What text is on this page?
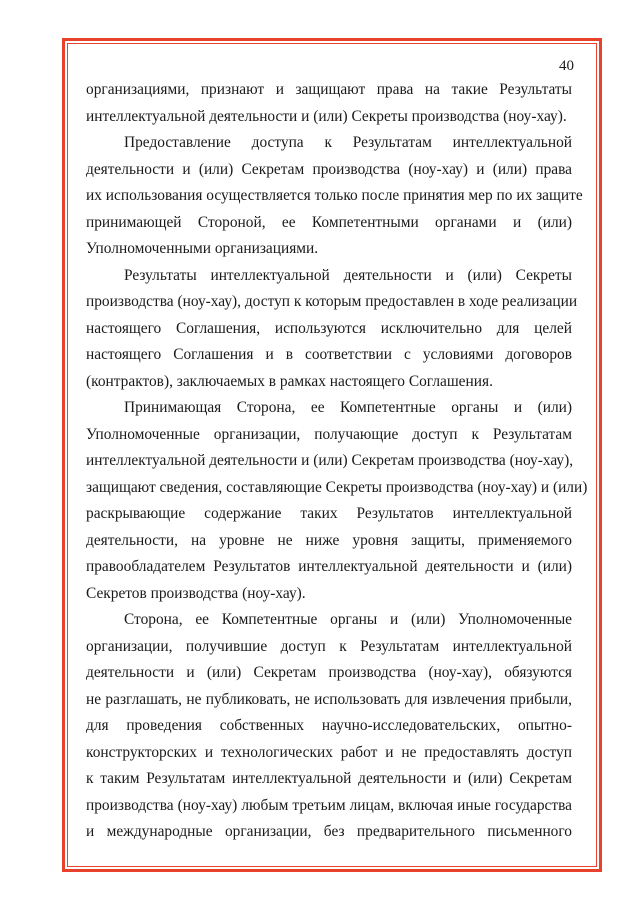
40
организациями, признают и защищают права на такие Результаты
интеллектуальной деятельности и (или) Секреты производства (ноу-хау).
Предоставление доступа к Результатам интеллектуальной
деятельности и (или) Секретам производства (ноу-хау) и (или) права
их использования осуществляется только после принятия мер по их защите
принимающей Стороной, ее Компетентными органами и (или)
Уполномоченными организациями.
Результаты интеллектуальной деятельности и (или) Секреты
производства (ноу-хау), доступ к которым предоставлен в ходе реализации
настоящего Соглашения, используются исключительно для целей
настоящего Соглашения и в соответствии с условиями договоров
(контрактов), заключаемых в рамках настоящего Соглашения.
Принимающая Сторона, ее Компетентные органы и (или)
Уполномоченные организации, получающие доступ к Результатам
интеллектуальной деятельности и (или) Секретам производства (ноу-хау),
защищают сведения, составляющие Секреты производства (ноу-хау) и (или)
раскрывающие содержание таких Результатов интеллектуальной
деятельности, на уровне не ниже уровня защиты, применяемого
правообладателем Результатов интеллектуальной деятельности и (или)
Секретов производства (ноу-хау).
Сторона, ее Компетентные органы и (или) Уполномоченные
организации, получившие доступ к Результатам интеллектуальной
деятельности и (или) Секретам производства (ноу-хау), обязуются
не разглашать, не публиковать, не использовать для извлечения прибыли,
для проведения собственных научно-исследовательских, опытно-
конструкторских и технологических работ и не предоставлять доступ
к таким Результатам интеллектуальной деятельности и (или) Секретам
производства (ноу-хау) любым третьим лицам, включая иные государства
и международные организации, без предварительного письменного
